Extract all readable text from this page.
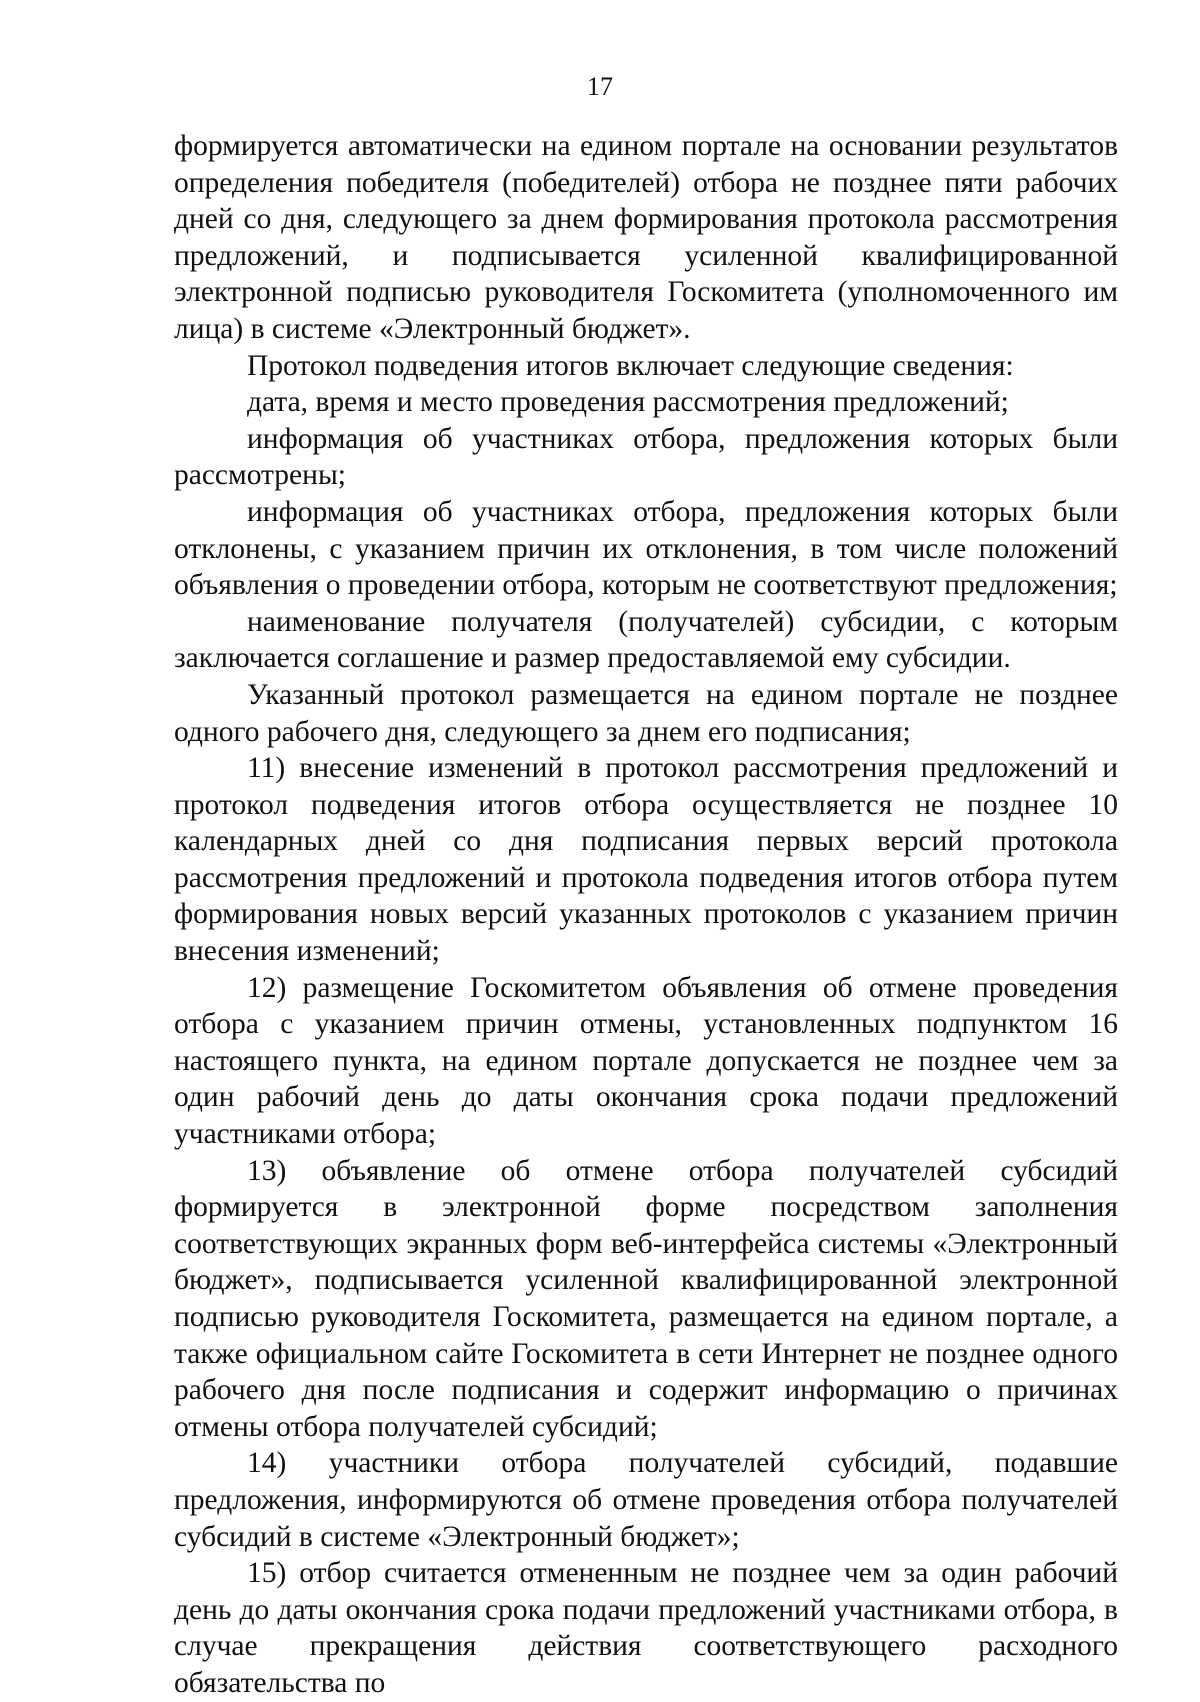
17

формируется автоматически на едином портале на основании результатов определения победителя (победителей) отбора не позднее пяти рабочих дней со дня, следующего за днем формирования протокола рассмотрения предложений, и подписывается усиленной квалифицированной электронной подписью руководителя Госкомитета (уполномоченного им лица) в системе «Электронный бюджет».

Протокол подведения итогов включает следующие сведения:

дата, время и место проведения рассмотрения предложений;

информация об участниках отбора, предложения которых были рассмотрены;

информация об участниках отбора, предложения которых были отклонены, с указанием причин их отклонения, в том числе положений объявления о проведении отбора, которым не соответствуют предложения;

наименование получателя (получателей) субсидии, с которым заключается соглашение и размер предоставляемой ему субсидии.

Указанный протокол размещается на едином портале не позднее одного рабочего дня, следующего за днем его подписания;

11) внесение изменений в протокол рассмотрения предложений и протокол подведения итогов отбора осуществляется не позднее 10 календарных дней со дня подписания первых версий протокола рассмотрения предложений и протокола подведения итогов отбора путем формирования новых версий указанных протоколов с указанием причин внесения изменений;

12) размещение Госкомитетом объявления об отмене проведения отбора с указанием причин отмены, установленных подпунктом 16 настоящего пункта, на едином портале допускается не позднее чем за один рабочий день до даты окончания срока подачи предложений участниками отбора;

13) объявление об отмене отбора получателей субсидий формируется в электронной форме посредством заполнения соответствующих экранных форм веб-интерфейса системы «Электронный бюджет», подписывается усиленной квалифицированной электронной подписью руководителя Госкомитета, размещается на едином портале, а также официальном сайте Госкомитета в сети Интернет не позднее одного рабочего дня после подписания и содержит информацию о причинах отмены отбора получателей субсидий;

14) участники отбора получателей субсидий, подавшие предложения, информируются об отмене проведения отбора получателей субсидий в системе «Электронный бюджет»;

15) отбор считается отмененным не позднее чем за один рабочий день до даты окончания срока подачи предложений участниками отбора, в случае прекращения действия соответствующего расходного обязательства по
